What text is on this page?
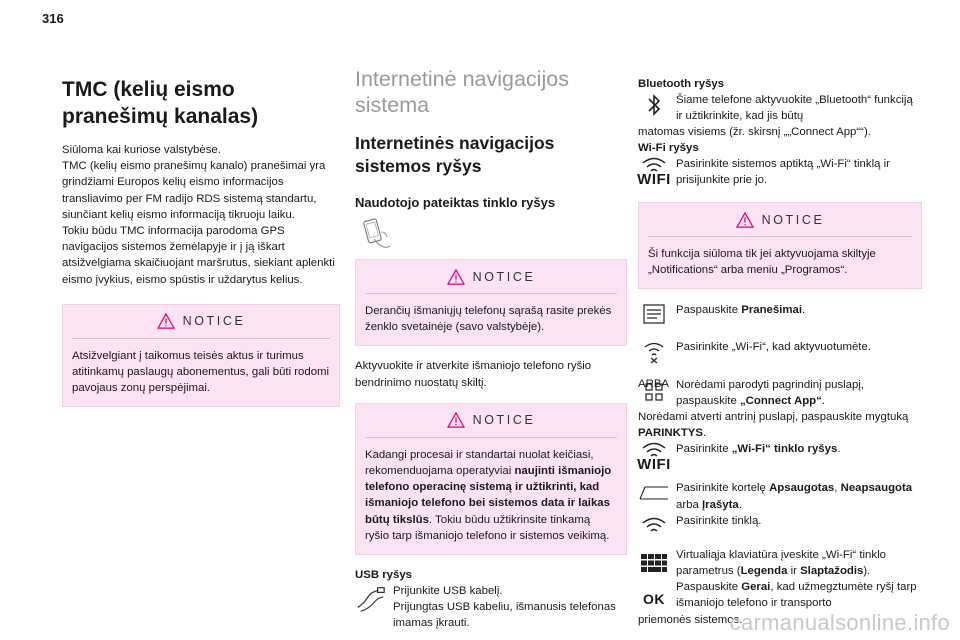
316
TMC (kelių eismo pranešimų kanalas)
Siūloma kai kuriose valstybėse.
TMC (kelių eismo pranešimų kanalo) pranešimai yra grindžiami Europos kelių eismo informacijos transliavimo per FM radijo RDS sistemą standartu, siunčiant kelių eismo informaciją tikruoju laiku.
Tokiu būdu TMC informacija parodoma GPS navigacijos sistemos žemėlapyje ir į ją iškart atsižvelgiama skaičiuojant maršrutus, siekiant aplenkti eismo įvykius, eismo spūstis ir uždarytus kelius.
NOTICE
Atsižvelgiant į taikomus teisės aktus ir turimus atitinkamų paslaugų abonementus, gali būti rodomi pavojaus zonų perspėjimai.
Internetinė navigacijos sistema
Internetinės navigacijos sistemos ryšys
Naudotojo pateiktas tinklo ryšys
NOTICE
Derančių išmaniųjų telefonų sąrašą rasite prekės ženklo svetainėje (savo valstybėje).
Aktyvuokite ir atverkite išmaniojo telefono ryšio bendrinimo nuostatų skiltį.
NOTICE
Kadangi procesai ir standartai nuolat keičiasi, rekomenduojama operatyviai naujinti išmaniojo telefono operacinę sistemą ir užtikrinti, kad išmaniojo telefono bei sistemos data ir laikas būtų tikslūs. Tokiu būdu užtikrinsite tinkamą ryšio tarp išmaniojo telefono ir sistemos veikimą.
USB ryšys
Prijunkite USB kabelį.
Prijungtas USB kabeliu, išmanusis telefonas imamas įkrauti.
Bluetooth ryšys
Šiame telefone aktyvuokite „Bluetooth“ funkciją ir užtikrinkite, kad jis būtų
matomas visiems (žr. skirsnį „„Connect App““).
Wi-Fi ryšys
WIFI
Pasirinkite sistemos aptiktą „Wi-Fi“ tinklą ir prisijunkite prie jo.
NOTICE
Ši funkcija siūloma tik jei aktyvuojama skiltyje „Notifications“ arba meniu „Programos“.
Paspauskite Pranešimai.
Pasirinkite „Wi-Fi“, kad aktyvuotumėte.
ARBA Norėdami parodyti pagrindinį puslapį, paspauskite „Connect App“.
Norėdami atverti antrinį puslapį, paspauskite mygtuką PARINKTYS.
WIFI
Pasirinkite „Wi-Fi“ tinklo ryšys.
Pasirinkite kortelę Apsaugotas, Neapsaugota arba Įrašyta.
Pasirinkite tinklą.
Virtualiąja klaviatūra įveskite „Wi-Fi“ tinklo parametrus (Legenda ir Slaptažodis).
OK
Paspauskite Gerai, kad užmegztumėte ryšį tarp išmaniojo telefono ir transporto
priemonės sistemos.
carmanualsonline.info
